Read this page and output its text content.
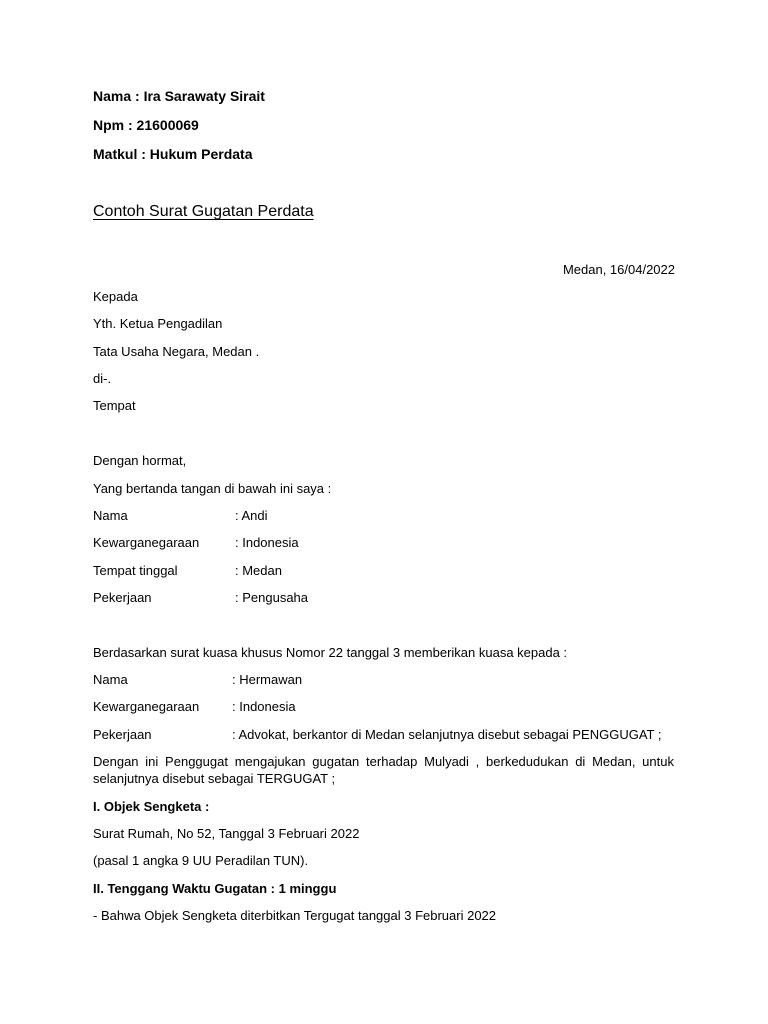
Nama : Ira Sarawaty Sirait
Npm : 21600069
Matkul : Hukum Perdata
Contoh Surat Gugatan Perdata
Medan, 16/04/2022
Kepada
Yth. Ketua Pengadilan
Tata Usaha Negara, Medan .
di-.
Tempat
Dengan hormat,
Yang bertanda tangan di bawah ini saya :
Nama	: Andi
Kewarganegaraan	: Indonesia
Tempat tinggal	: Medan
Pekerjaan	: Pengusaha
Berdasarkan surat kuasa khusus Nomor 22 tanggal 3 memberikan kuasa kepada :
Nama	: Hermawan
Kewarganegaraan	: Indonesia
Pekerjaan	: Advokat, berkantor di Medan selanjutnya disebut sebagai PENGGUGAT ;
Dengan ini Penggugat mengajukan gugatan terhadap Mulyadi , berkedudukan di Medan, untuk selanjutnya disebut sebagai TERGUGAT ;
I. Objek Sengketa :
Surat Rumah, No 52, Tanggal 3 Februari 2022
(pasal 1 angka 9 UU Peradilan TUN).
II. Tenggang Waktu Gugatan : 1 minggu
- Bahwa Objek Sengketa diterbitkan Tergugat tanggal 3 Februari 2022
